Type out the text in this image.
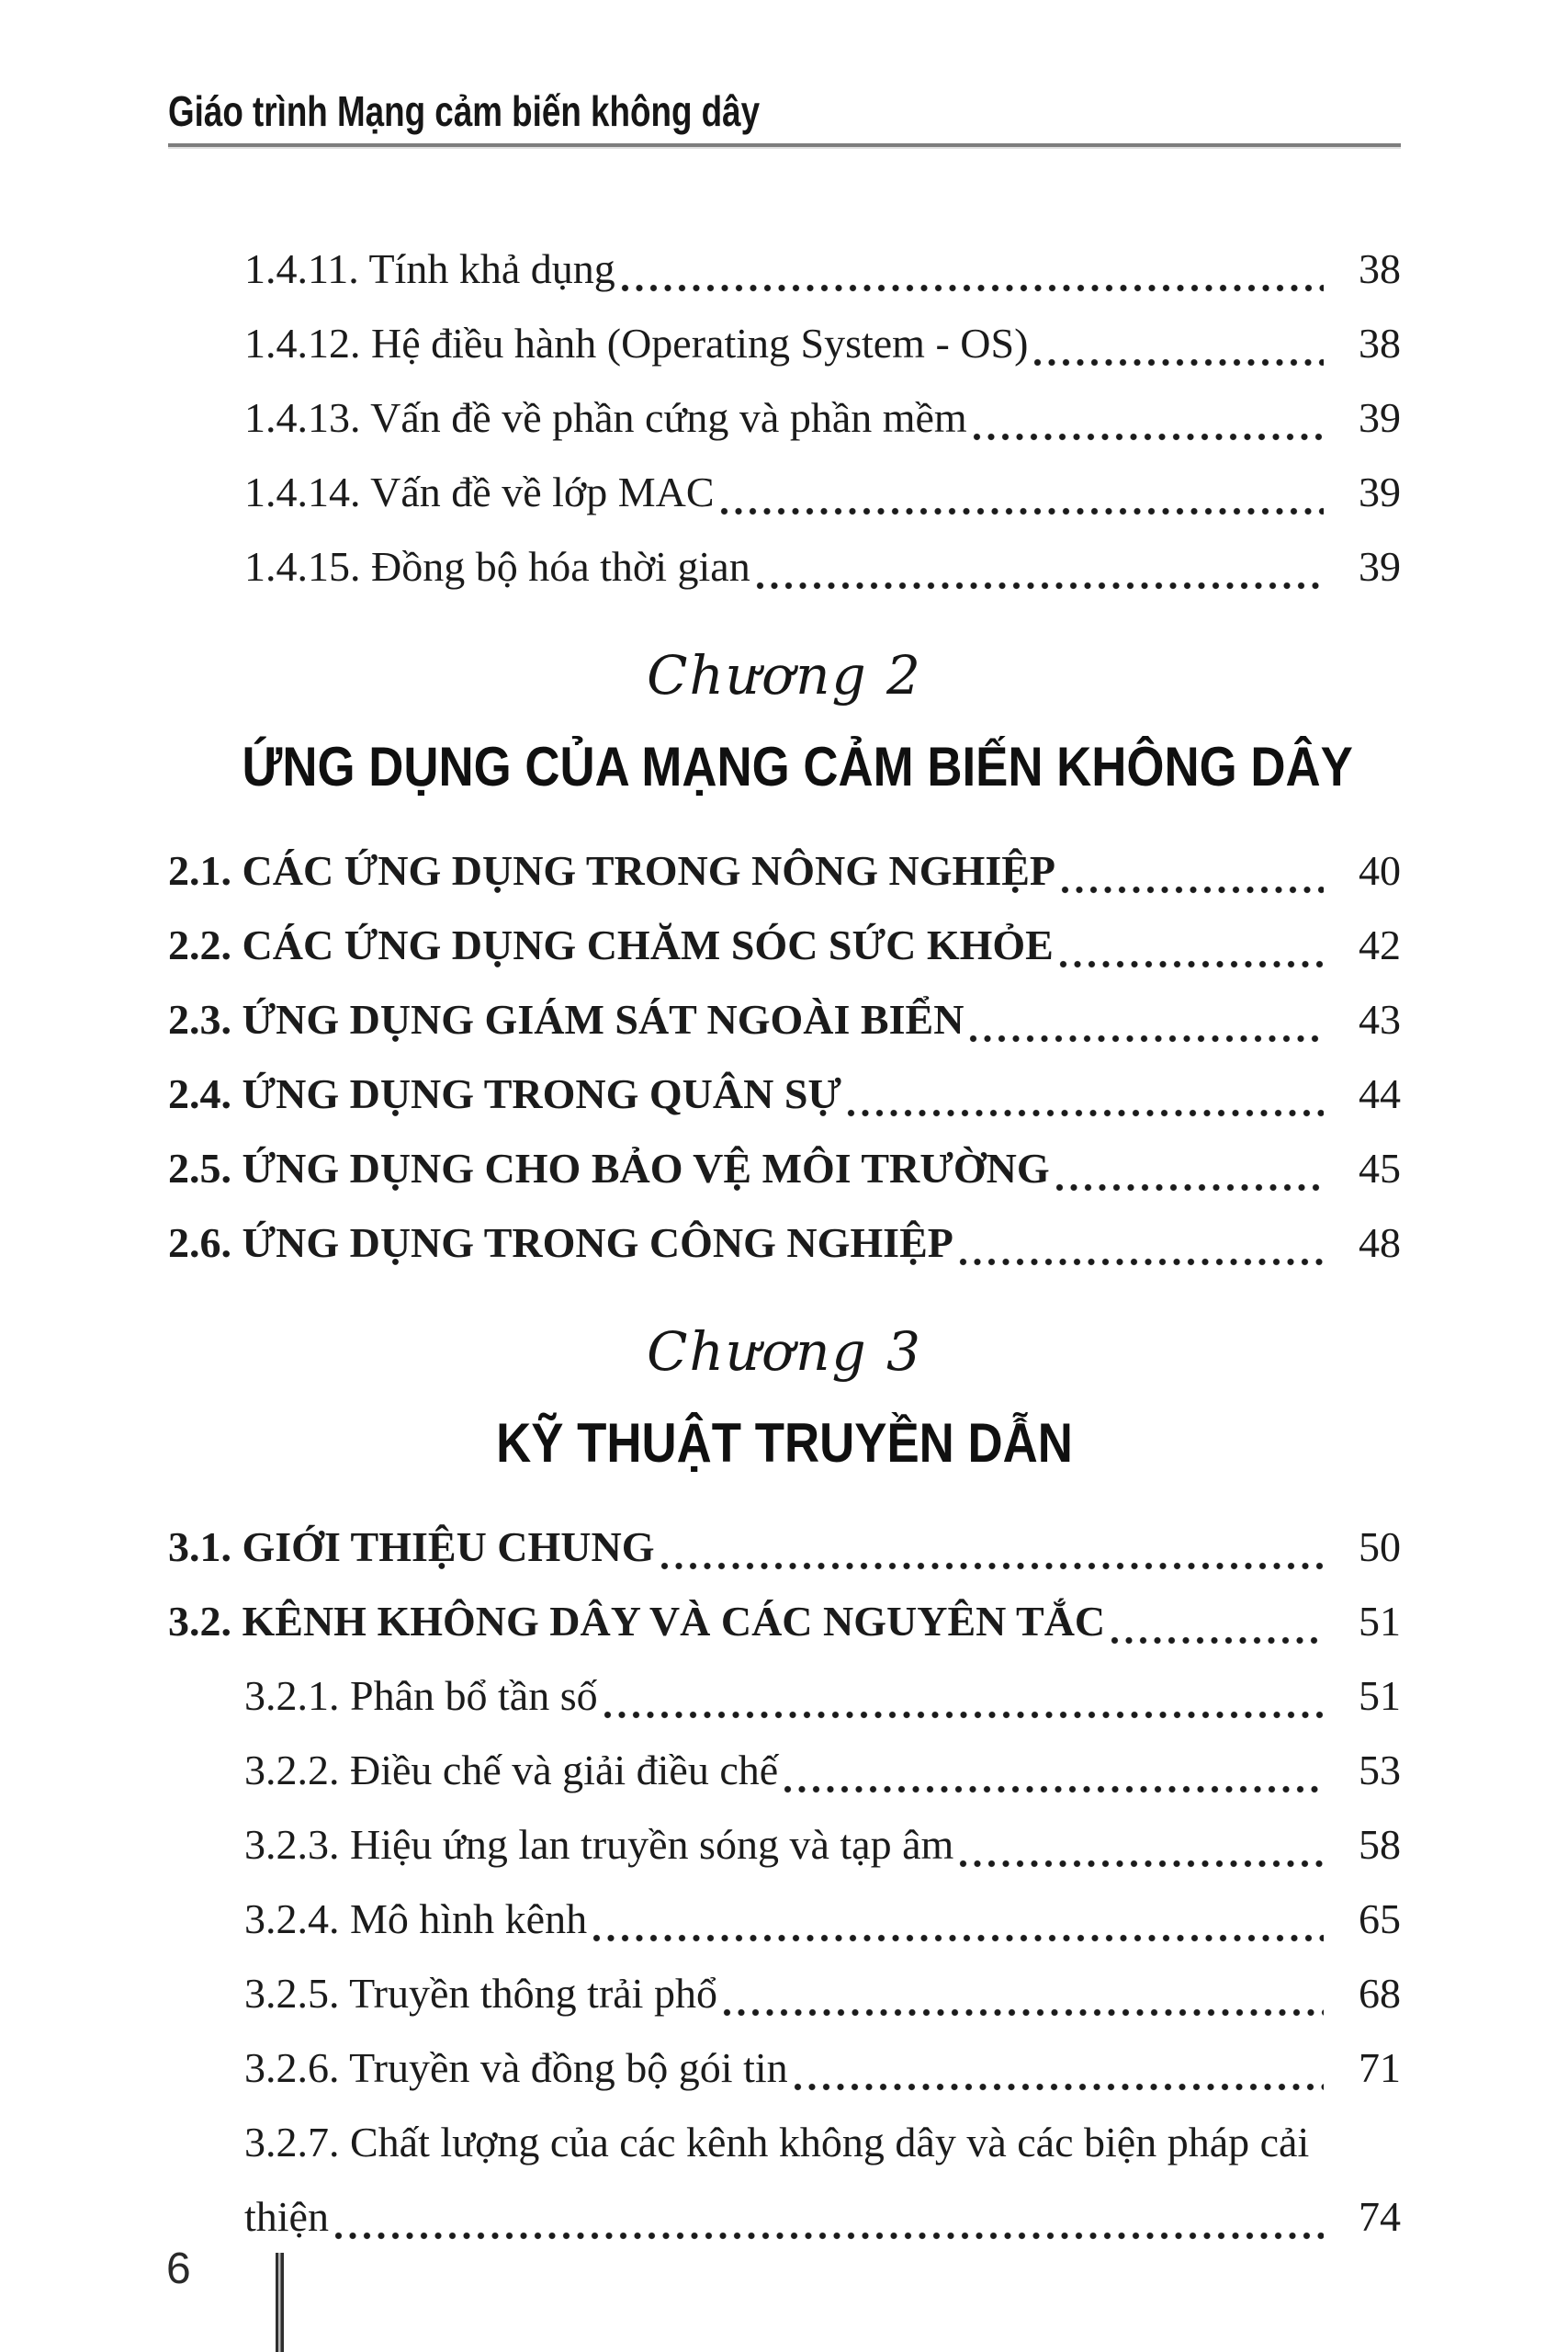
Giáo trình Mạng cảm biến không dây
1.4.11. Tính khả dụng	38
1.4.12. Hệ điều hành (Operating System - OS)	38
1.4.13. Vấn đề về phần cứng và phần mềm	39
1.4.14. Vấn đề về lớp MAC	39
1.4.15. Đồng bộ hóa thời gian	39
Chương 2
ỨNG DỤNG CỦA MẠNG CẢM BIẾN KHÔNG DÂY
2.1. CÁC ỨNG DỤNG TRONG NÔNG NGHIỆP	40
2.2. CÁC ỨNG DỤNG CHĂM SÓC SỨC KHỎE	42
2.3. ỨNG DỤNG GIÁM SÁT NGOÀI BIỂN	43
2.4. ỨNG DỤNG TRONG QUÂN SỰ	44
2.5. ỨNG DỤNG CHO BẢO VỆ MÔI TRƯỜNG	45
2.6. ỨNG DỤNG TRONG CÔNG NGHIỆP	48
Chương 3
KỸ THUẬT TRUYỀN DẪN
3.1. GIỚI THIỆU CHUNG	50
3.2. KÊNH KHÔNG DÂY VÀ CÁC NGUYÊN TẮC	51
3.2.1. Phân bổ tần số	51
3.2.2. Điều chế và giải điều chế	53
3.2.3. Hiệu ứng lan truyền sóng và tạp âm	58
3.2.4. Mô hình kênh	65
3.2.5. Truyền thông trải phổ	68
3.2.6. Truyền và đồng bộ gói tin	71
3.2.7. Chất lượng của các kênh không dây và các biện pháp cải
thiện	74
6
